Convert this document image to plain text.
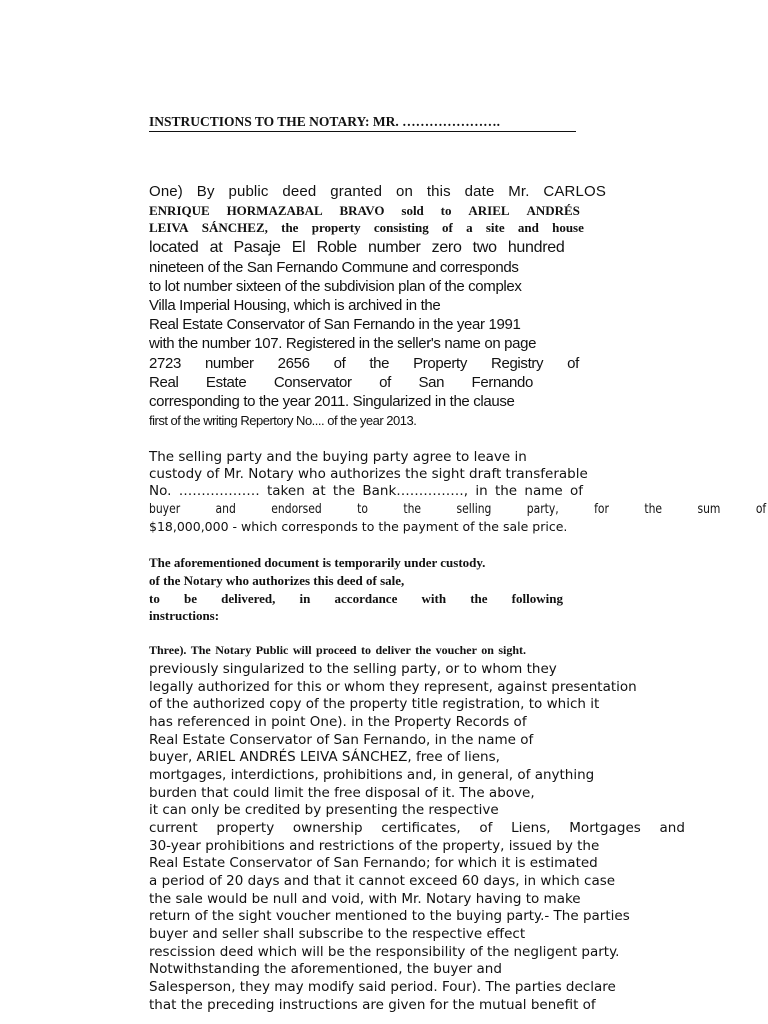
INSTRUCTIONS TO THE NOTARY: MR. ………………….
One) By public deed granted on this date Mr. CARLOS
ENRIQUE HORMAZABAL BRAVO sold to ARIEL ANDRÉS
LEIVA SÁNCHEZ, the property consisting of a site and house
located at Pasaje El Roble number zero two hundred
nineteen of the San Fernando Commune and corresponds
to lot number sixteen of the subdivision plan of the complex
Villa Imperial Housing, which is archived in the
Real Estate Conservator of San Fernando in the year 1991
with the number 107. Registered in the seller's name on page
2723 number 2656 of the Property Registry of
Real Estate Conservator of San Fernando
corresponding to the year 2011. Singularized in the clause
first of the writing Repertory No.... of the year 2013.
The selling party and the buying party agree to leave in
custody of Mr. Notary who authorizes the sight draft transferable
No. ……………… taken at the Bank……………, in the name of
buyer and endorsed to the selling party, for the sum of
$18,000,000 - which corresponds to the payment of the sale price.
The aforementioned document is temporarily under custody.
of the Notary who authorizes this deed of sale,
to be delivered, in accordance with the following
instructions:
Three). The Notary Public will proceed to deliver the voucher on sight.
previously singularized to the selling party, or to whom they
legally authorized for this or whom they represent, against presentation
of the authorized copy of the property title registration, to which it
has referenced in point One). in the Property Records of
Real Estate Conservator of San Fernando, in the name of
buyer, ARIEL ANDRÉS LEIVA SÁNCHEZ, free of liens,
mortgages, interdictions, prohibitions and, in general, of anything
burden that could limit the free disposal of it. The above,
it can only be credited by presenting the respective
current property ownership certificates, of Liens, Mortgages and
30-year prohibitions and restrictions of the property, issued by the
Real Estate Conservator of San Fernando; for which it is estimated
a period of 20 days and that it cannot exceed 60 days, in which case
the sale would be null and void, with Mr. Notary having to make
return of the sight voucher mentioned to the buying party.- The parties
buyer and seller shall subscribe to the respective effect
rescission deed which will be the responsibility of the negligent party.
Notwithstanding the aforementioned, the buyer and
Salesperson, they may modify said period. Four). The parties declare
that the preceding instructions are given for the mutual benefit of
